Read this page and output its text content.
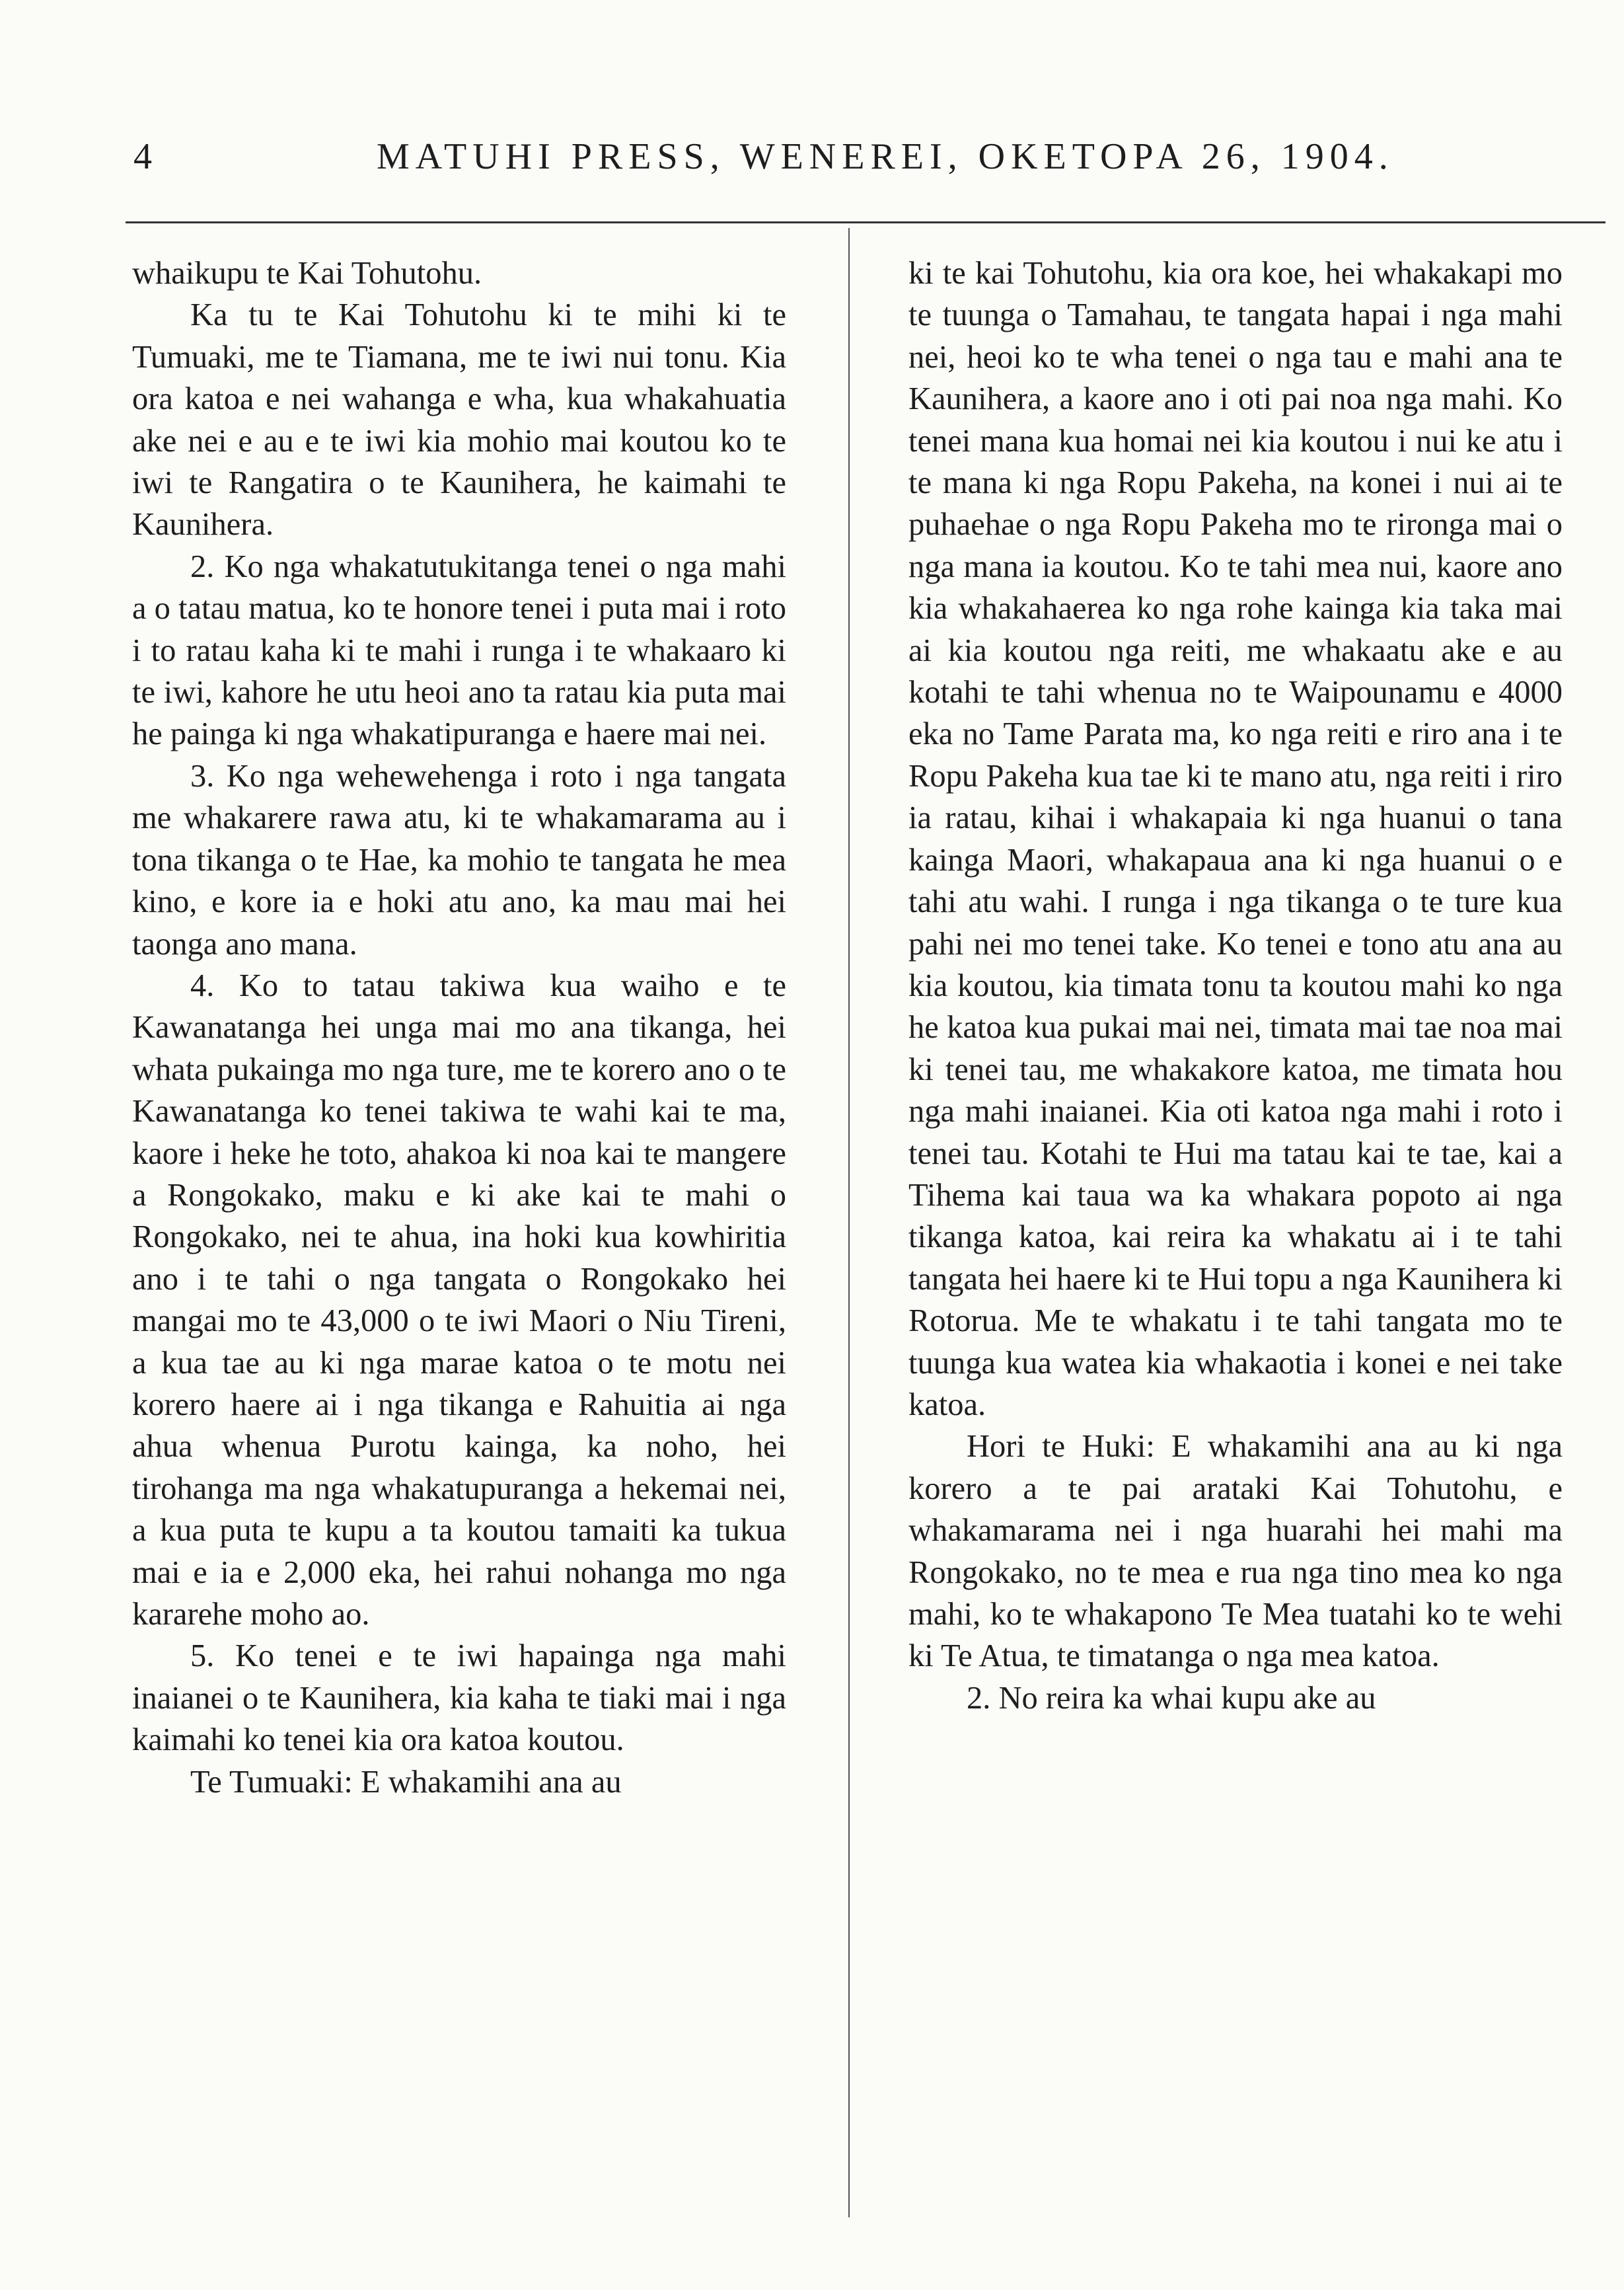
4	MATUHI PRESS, WENEREI, OKETOPA 26, 1904.

whaikupu te Kai Tohutohu.

Ka tu te Kai Tohutohu ki te mihi ki te Tumuaki, me te Tiamana, me te iwi nui tonu. Kia ora katoa e nei wahanga e wha, kua whakahuatia ake nei e au e te iwi kia mohio mai koutou ko te iwi te Rangatira o te Kaunihera, he kaimahi te Kaunihera.

2. Ko nga whakatutukitanga tenei o nga mahi a o tatau matua, ko te honore tenei i puta mai i roto i to ratau kaha ki te mahi i runga i te whakaaro ki te iwi, kahore he utu heoi ano ta ratau kia puta mai he painga ki nga whakatipuranga e haere mai nei.

3. Ko nga wehewehenga i roto i nga tangata me whakarere rawa atu, ki te whakamarama au i tona tikanga o te Hae, ka mohio te tangata he mea kino, e kore ia e hoki atu ano, ka mau mai hei taonga ano mana.

4. Ko to tatau takiwa kua waiho e te Kawanatanga hei unga mai mo ana tikanga, hei whata pukainga mo nga ture, me te korero ano o te Kawanatanga ko tenei takiwa te wahi kai te ma, kaore i heke he toto, ahakoa ki noa kai te mangere a Rongokako, maku e ki ake kai te mahi o Rongokako, nei te ahua, ina hoki kua kowhiritia ano i te tahi o nga tangata o Rongokako hei mangai mo te 43,000 o te iwi Maori o Niu Tireni, a kua tae au ki nga marae katoa o te motu nei korero haere ai i nga tikanga e Rahuitia ai nga ahua whenua Purotu kainga, ka noho, hei tirohanga ma nga whakatupuranga a hekemai nei, a kua puta te kupu a ta koutou tamaiti ka tukua mai e ia e 2,000 eka, hei rahui nohanga mo nga kararehe moho ao.

5. Ko tenei e te iwi hapainga nga mahi inaianei o te Kaunihera, kia kaha te tiaki mai i nga kaimahi ko tenei kia ora katoa koutou.

Te Tumuaki: E whakamihi ana au

ki te kai Tohutohu, kia ora koe, hei whakakapi mo te tuunga o Tamahau, te tangata hapai i nga mahi nei, heoi ko te wha tenei o nga tau e mahi ana te Kaunihera, a kaore ano i oti pai noa nga mahi. Ko tenei mana kua homai nei kia koutou i nui ke atu i te mana ki nga Ropu Pakeha, na konei i nui ai te puhaehae o nga Ropu Pakeha mo te rironga mai o nga mana ia koutou. Ko te tahi mea nui, kaore ano kia whakahaerea ko nga rohe kainga kia taka mai ai kia koutou nga reiti, me whakaatu ake e au kotahi te tahi whenua no te Waipounamu e 4000 eka no Tame Parata ma, ko nga reiti e riro ana i te Ropu Pakeha kua tae ki te mano atu, nga reiti i riro ia ratau, kihai i whakapaia ki nga huanui o tana kainga Maori, whakapaua ana ki nga huanui o e tahi atu wahi. I runga i nga tikanga o te ture kua pahi nei mo tenei take. Ko tenei e tono atu ana au kia koutou, kia timata tonu ta koutou mahi ko nga he katoa kua pukai mai nei, timata mai tae noa mai ki tenei tau, me whakakore katoa, me timata hou nga mahi inaianei. Kia oti katoa nga mahi i roto i tenei tau. Kotahi te Hui ma tatau kai te tae, kai a Tihema kai taua wa ka whakara popoto ai nga tikanga katoa, kai reira ka whakatu ai i te tahi tangata hei haere ki te Hui topu a nga Kaunihera ki Rotorua. Me te whakatu i te tahi tangata mo te tuunga kua watea kia whakaotia i konei e nei take katoa.

Hori te Huki: E whakamihi ana au ki nga korero a te pai arataki Kai Tohutohu, e whakamarama nei i nga huarahi hei mahi ma Rongokako, no te mea e rua nga tino mea ko nga mahi, ko te whakapono Te Mea tuatahi ko te wehi ki Te Atua, te timatanga o nga mea katoa.

2. No reira ka whai kupu ake au
